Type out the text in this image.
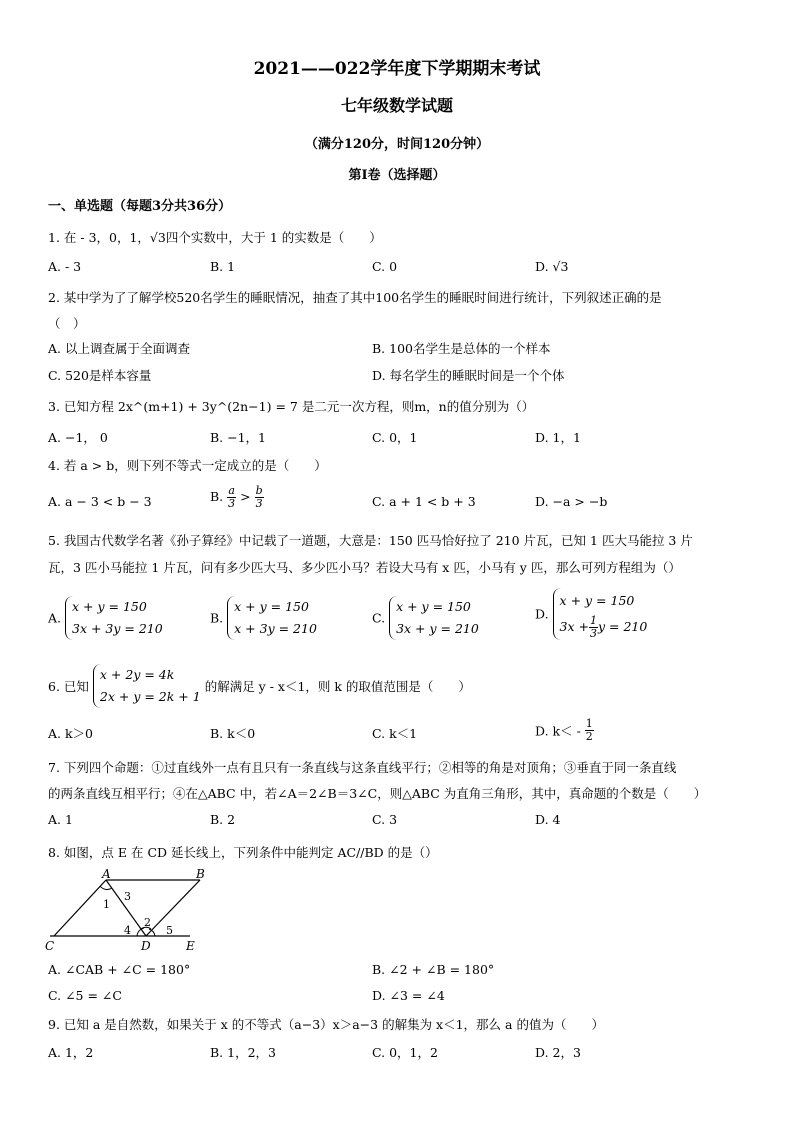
2021——022学年度下学期期末考试
七年级数学试题
（满分120分，时间120分钟）
第I卷（选择题）
一、单选题（每题3分共36分）
1. 在 - 3，0，1，√3四个实数中，大于 1 的实数是（　　）
A. - 3	B. 1	C. 0	D. √3
2. 某中学为了了解学校520名学生的睡眠情况，抽查了其中100名学生的睡眠时间进行统计，下列叙述正确的是
（　）
A. 以上调查属于全面调查	B. 100名学生是总体的一个样本
C. 520是样本容量	D. 每名学生的睡眠时间是一个个体
3. 已知方程 2x^(m+1) + 3y^(2n−1) = 7 是二元一次方程，则m，n的值分别为（）
A. −1， 0	B. −1，1	C. 0，1	D. 1，1
4. 若 a > b，则下列不等式一定成立的是（　　）
A. a − 3 < b − 3	B. $\frac{a}{3} > \frac{b}{3}$	C. a + 1 < b + 3	D. −a > −b
5. 我国古代数学名著《孙子算经》中记载了一道题，大意是：150 匹马恰好拉了 210 片瓦，已知 1 匹大马能拉 3 片
瓦，3 匹小马能拉 1 片瓦，问有多少匹大马、多少匹小马？若设大马有 x 匹，小马有 y 匹，那么可列方程组为（）
A.
x + y = 150
3x + 3y = 210
B.
x + y = 150
x + 3y = 210
C.
x + y = 150
3x + y = 210
D.
x + y = 150
$3x + \frac{1}{3}$ y = 210
6. 已知
x + 2y = 4k
2x + y = 2k + 1
的解满足 y - x＜1，则 k 的取值范围是（　　）
A. k＞0	B. k＜0	C. k＜1	D. $k< - \frac{1}{2}$
7. 下列四个命题：①过直线外一点有且只有一条直线与这条直线平行；②相等的角是对顶角；③垂直于同一条直线
的两条直线互相平行；④在△ABC 中，若∠A＝2∠B＝3∠C，则△ABC 为直角三角形，其中，真命题的个数是（　　）
A. 1	B. 2	C. 3	D. 4
8. 如图，点 E 在 CD 延长线上，下列条件中能判定 AC//BD 的是（）
A	B
C	D	E
1
2
3
4	5
A. ∠CAB + ∠C = 180°	B. ∠2 + ∠B = 180°
C. ∠5 = ∠C	D. ∠3 = ∠4
9. 已知 a 是自然数，如果关于 x 的不等式（a−3）x＞a−3 的解集为 x＜1，那么 a 的值为（　　）
A. 1，2	B. 1，2，3	C. 0，1，2	D. 2，3
